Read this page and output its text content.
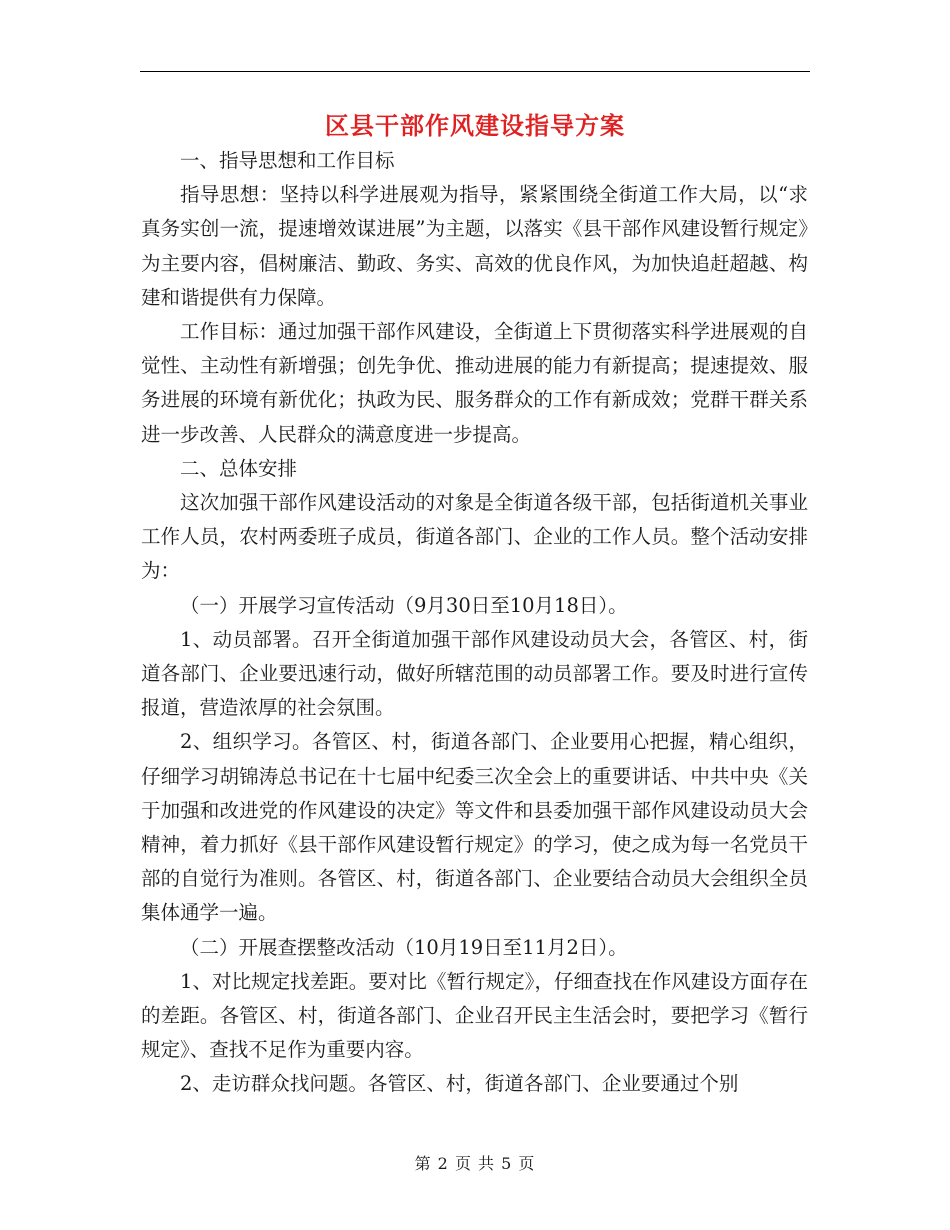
区县干部作风建设指导方案

一、指导思想和工作目标

指导思想：坚持以科学进展观为指导，紧紧围绕全街道工作大局，以“求真务实创一流，提速增效谋进展”为主题，以落实《县干部作风建设暂行规定》为主要内容，倡树廉洁、勤政、务实、高效的优良作风，为加快追赶超越、构建和谐提供有力保障。

工作目标：通过加强干部作风建设，全街道上下贯彻落实科学进展观的自觉性、主动性有新增强；创先争优、推动进展的能力有新提高；提速提效、服务进展的环境有新优化；执政为民、服务群众的工作有新成效；党群干群关系进一步改善、人民群众的满意度进一步提高。

二、总体安排

这次加强干部作风建设活动的对象是全街道各级干部，包括街道机关事业工作人员，农村两委班子成员，街道各部门、企业的工作人员。整个活动安排为：

（一）开展学习宣传活动（9月30日至10月18日）。

1、动员部署。召开全街道加强干部作风建设动员大会，各管区、村，街道各部门、企业要迅速行动，做好所辖范围的动员部署工作。要及时进行宣传报道，营造浓厚的社会氛围。

2、组织学习。各管区、村，街道各部门、企业要用心把握，精心组织，仔细学习胡锦涛总书记在十七届中纪委三次全会上的重要讲话、中共中央《关于加强和改进党的作风建设的决定》等文件和县委加强干部作风建设动员大会精神，着力抓好《县干部作风建设暂行规定》的学习，使之成为每一名党员干部的自觉行为准则。各管区、村，街道各部门、企业要结合动员大会组织全员集体通学一遍。

（二）开展查摆整改活动（10月19日至11月2日）。

1、对比规定找差距。要对比《暂行规定》，仔细查找在作风建设方面存在的差距。各管区、村，街道各部门、企业召开民主生活会时，要把学习《暂行规定》、查找不足作为重要内容。

2、走访群众找问题。各管区、村，街道各部门、企业要通过个别

第 2 页 共 5 页
